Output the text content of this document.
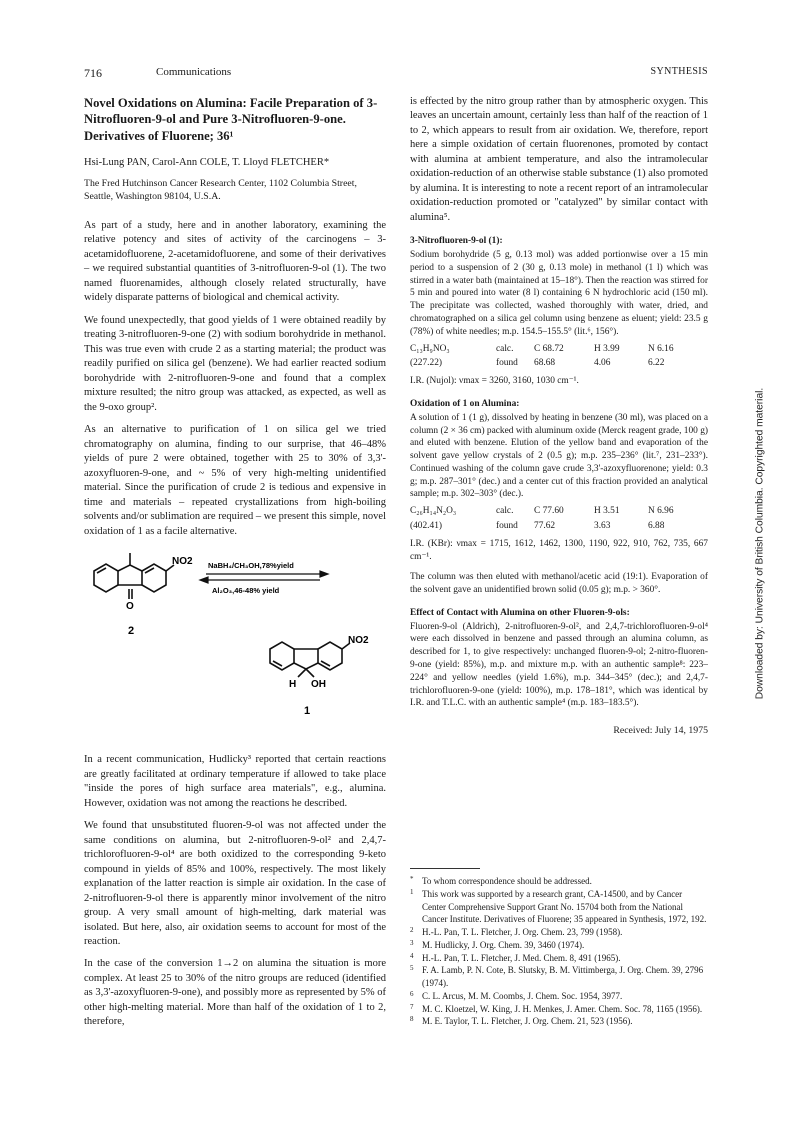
716	Communications	SYNTHESIS
Novel Oxidations on Alumina: Facile Preparation of 3-Nitrofluoren-9-ol and Pure 3-Nitrofluoren-9-one. Derivatives of Fluorene; 36¹
Hsi-Lung PAN, Carol-Ann COLE, T. Lloyd FLETCHER*
The Fred Hutchinson Cancer Research Center, 1102 Columbia Street, Seattle, Washington 98104, U.S.A.

As part of a study, here and in another laboratory, examining the relative potency and sites of activity of the carcinogens – 3-acetamidofluorene, 2-acetamidofluorene, and some of their derivatives – we required substantial quantities of 3-nitrofluoren-9-ol (1). The two named fluorenamides, although closely related structurally, have widely disparate patterns of biological and chemical activity.

We found unexpectedly, that good yields of 1 were obtained readily by treating 3-nitrofluoren-9-one (2) with sodium borohydride in methanol. This was true even with crude 2 as a starting material; the product was readily purified on silica gel (benzene). We had earlier reacted sodium borohydride with 2-nitrofluoren-9-one and found that a complex mixture resulted; the nitro group was attacked, as expected, as well as the 9-oxo group².

As an alternative to purification of 1 on silica gel we tried chromatography on alumina, finding to our surprise, that 46–48% yields of pure 2 were obtained, together with 25 to 30% of 3,3'-azoxyfluoren-9-one, and ~ 5% of very high-melting unidentified material. Since the purification of crude 2 is tedious and expensive in time and materials – repeated crystallizations from high-boiling solvents and/or sublimation are required – we present this simple, novel oxidation of 1 as a facile alternative.

NO2
O
2
NaBH₄/CH₃OH,78%yield
Al₂O₃,46-48% yield
NO2
H OH
1

In a recent communication, Hudlicky³ reported that certain reactions are greatly facilitated at ordinary temperature if allowed to take place "inside the pores of high surface area materials", e.g., alumina. However, oxidation was not among the reactions he described.

We found that unsubstituted fluoren-9-ol was not affected under the same conditions on alumina, but 2-nitrofluoren-9-ol² and 2,4,7-trichlorofluoren-9-ol⁴ are both oxidized to the corresponding 9-keto compound in yields of 85% and 100%, respectively. The most likely explanation of the latter reaction is simple air oxidation. In the case of 2-nitrofluoren-9-ol there is apparently minor involvement of the nitro group. A very small amount of high-melting, dark material was isolated. But here, also, air oxidation seems to account for most of the reaction.

In the case of the conversion 1→2 on alumina the situation is more complex. At least 25 to 30% of the nitro groups are reduced (identified as 3,3'-azoxyfluoren-9-one), and possibly more as represented by 5% of other high-melting material. More than half of the oxidation of 1 to 2, therefore,

is effected by the nitro group rather than by atmospheric oxygen. This leaves an uncertain amount, certainly less than half of the reaction of 1 to 2, which appears to result from air oxidation. We, therefore, report here a simple oxidation of certain fluorenones, promoted by contact with alumina at ambient temperature, and also the intramolecular oxidation-reduction of an otherwise stable substance (1) also promoted by alumina. It is interesting to note a recent report of an intramolecular oxidation-reduction promoted or "catalyzed" by similar contact with alumina⁵.

3-Nitrofluoren-9-ol (1):

Sodium borohydride (5 g, 0.13 mol) was added portionwise over a 15 min period to a suspension of 2 (30 g, 0.13 mole) in methanol (1 l) which was stirred in a water bath (maintained at 15–18°). Then the reaction was stirred for 5 min and poured into water (8 l) containing 6 N hydrochloric acid (150 ml). The precipitate was collected, washed thoroughly with water, dried, and chromatographed on a silica gel column using benzene as eluent; yield: 23.5 g (78%) of white needles; m.p. 154.5–155.5° (lit.⁶, 156°).

C₁₃H₉NO₃	calc.	C 68.72	H 3.99	N 6.16
(227.22)	found	68.68	4.06	6.22
I.R. (Nujol): νmax = 3260, 3160, 1030 cm⁻¹.
Oxidation of 1 on Alumina:

A solution of 1 (1 g), dissolved by heating in benzene (30 ml), was placed on a column (2 × 36 cm) packed with aluminum oxide (Merck reagent grade, 100 g) and eluted with benzene. Elution of the yellow band and evaporation of the solvent gave yellow crystals of 2 (0.5 g); m.p. 235–236° (lit.⁷, 231–233°). Continued washing of the column gave crude 3,3'-azoxyfluorenone; yield: 0.3 g; m.p. 287–301° (dec.) and a center cut of this fraction provided an analytical sample; m.p. 302–303° (dec.).

C₂₆H₁₄N₂O₃	calc.	C 77.60	H 3.51	N 6.96
(402.41)	found	77.62	3.63	6.88
I.R. (KBr): νmax = 1715, 1612, 1462, 1300, 1190, 922, 910, 762, 735, 667 cm⁻¹.

The column was then eluted with methanol/acetic acid (19:1). Evaporation of the solvent gave an unidentified brown solid (0.05 g); m.p. > 360°.

Effect of Contact with Alumina on other Fluoren-9-ols:

Fluoren-9-ol (Aldrich), 2-nitrofluoren-9-ol², and 2,4,7-trichlorofluoren-9-ol⁴ were each dissolved in benzene and passed through an alumina column, as described for 1, to give respectively: unchanged fluoren-9-ol; 2-nitro-fluoren-9-one (yield: 85%), m.p. and mixture m.p. with an authentic sample⁸: 223–224° and yellow needles (yield 1.6%), m.p. 344–345° (dec.); and 2,4,7-trichlorofluoren-9-one (yield: 100%), m.p. 178–181°, which was identical by I.R. and T.L.C. with an authentic sample⁴ (m.p. 183–183.5°).

Received: July 14, 1975
* To whom correspondence should be addressed.
1 This work was supported by a research grant, CA-14500, and by Cancer Center Comprehensive Support Grant No. 15704 both from the National Cancer Institute. Derivatives of Fluorene; 35 appeared in Synthesis, 1972, 192.
2 H.-L. Pan, T. L. Fletcher, J. Org. Chem. 23, 799 (1958).
3 M. Hudlicky, J. Org. Chem. 39, 3460 (1974).
4 H.-L. Pan, T. L. Fletcher, J. Med. Chem. 8, 491 (1965).
5 F. A. Lamb, P. N. Cote, B. Slutsky, B. M. Vittimberga, J. Org. Chem. 39, 2796 (1974).
6 C. L. Arcus, M. M. Coombs, J. Chem. Soc. 1954, 3977.
7 M. C. Kloetzel, W. King, J. H. Menkes, J. Amer. Chem. Soc. 78, 1165 (1956).
8 M. E. Taylor, T. L. Fletcher, J. Org. Chem. 21, 523 (1956).
Downloaded by: University of British Columbia. Copyrighted material.
